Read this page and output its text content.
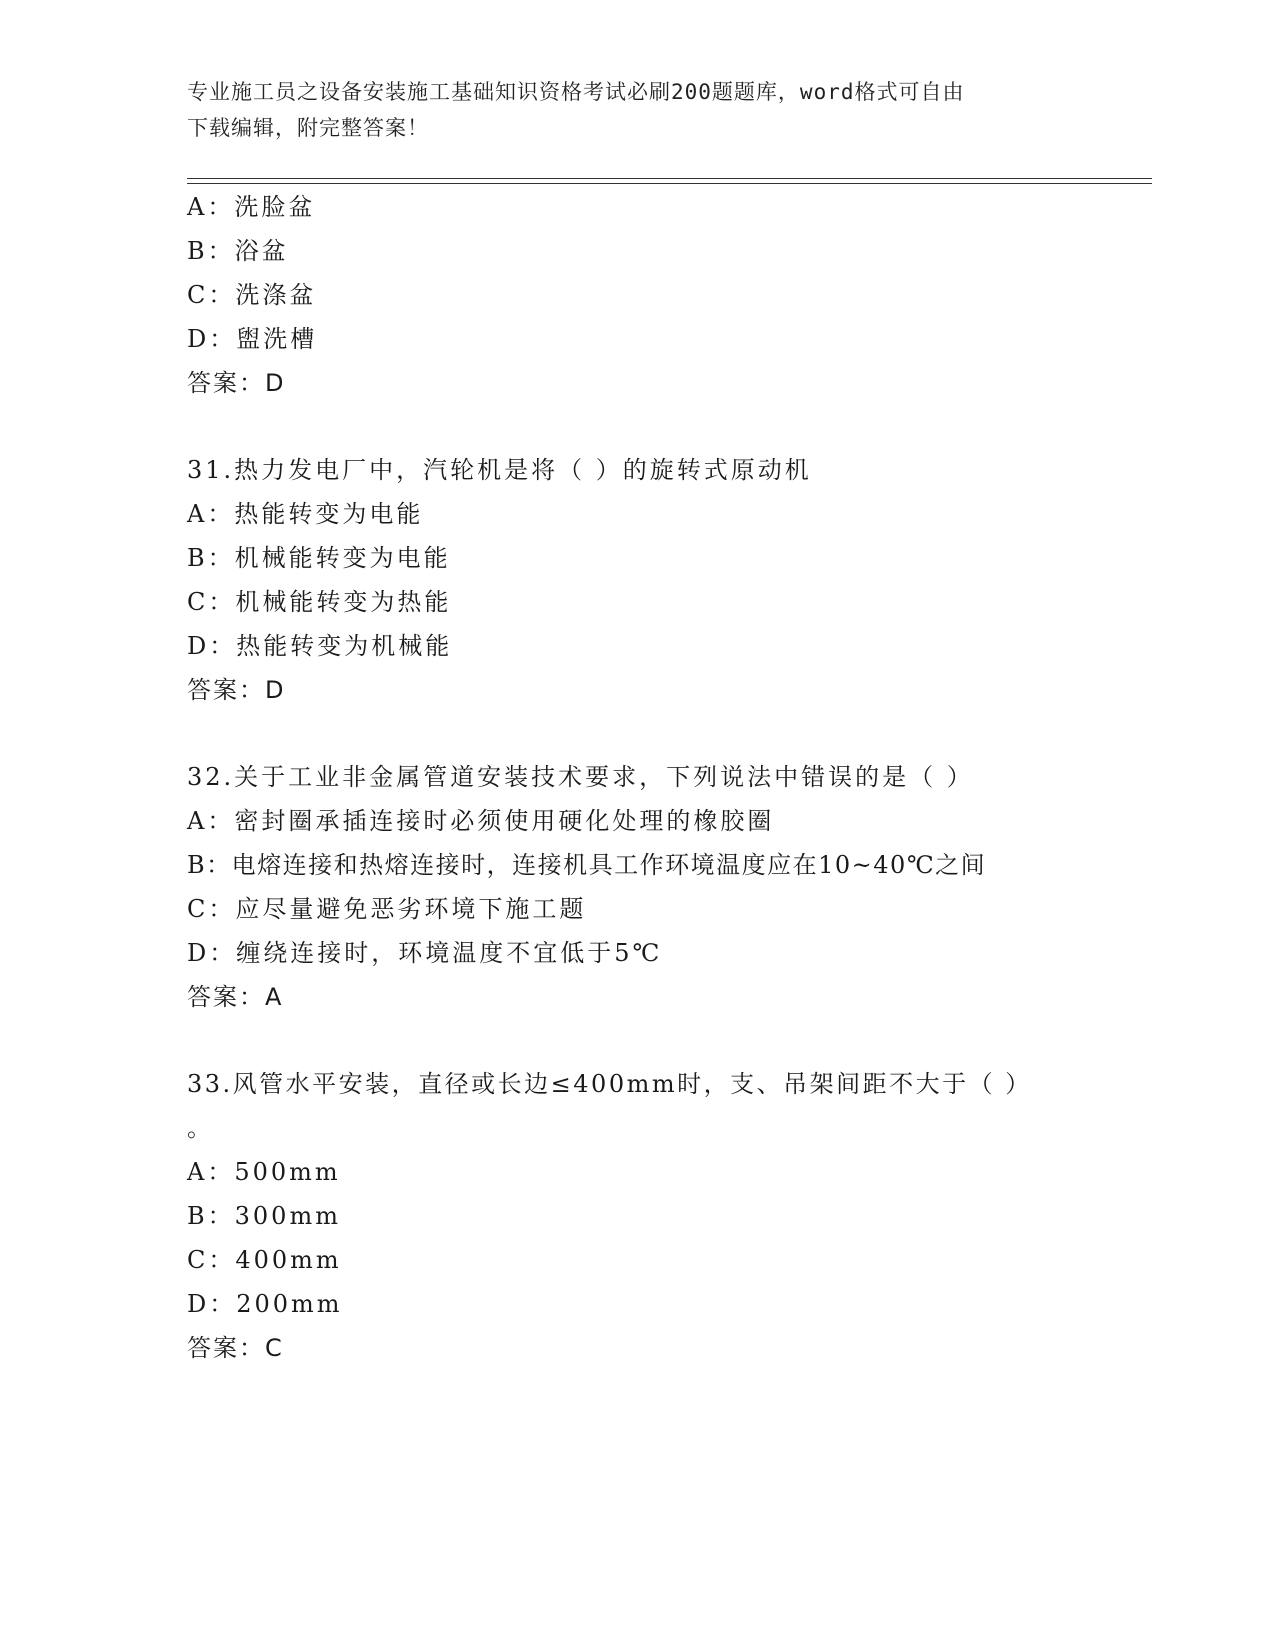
专业施工员之设备安装施工基础知识资格考试必刷200题题库，word格式可自由
下载编辑，附完整答案！
A：洗脸盆
B：浴盆
C：洗涤盆
D：盥洗槽
答案：D
31.热力发电厂中，汽轮机是将（ ）的旋转式原动机
A：热能转变为电能
B：机械能转变为电能
C：机械能转变为热能
D：热能转变为机械能
答案：D
32.关于工业非金属管道安装技术要求，下列说法中错误的是（ ）
A：密封圈承插连接时必须使用硬化处理的橡胶圈
B：电熔连接和热熔连接时，连接机具工作环境温度应在10~40℃之间
C：应尽量避免恶劣环境下施工题
D：缠绕连接时，环境温度不宜低于5℃
答案：A
33.风管水平安装，直径或长边≤400mm时，支、吊架间距不大于（ ）
。
A：500mm
B：300mm
C：400mm
D：200mm
答案：C
